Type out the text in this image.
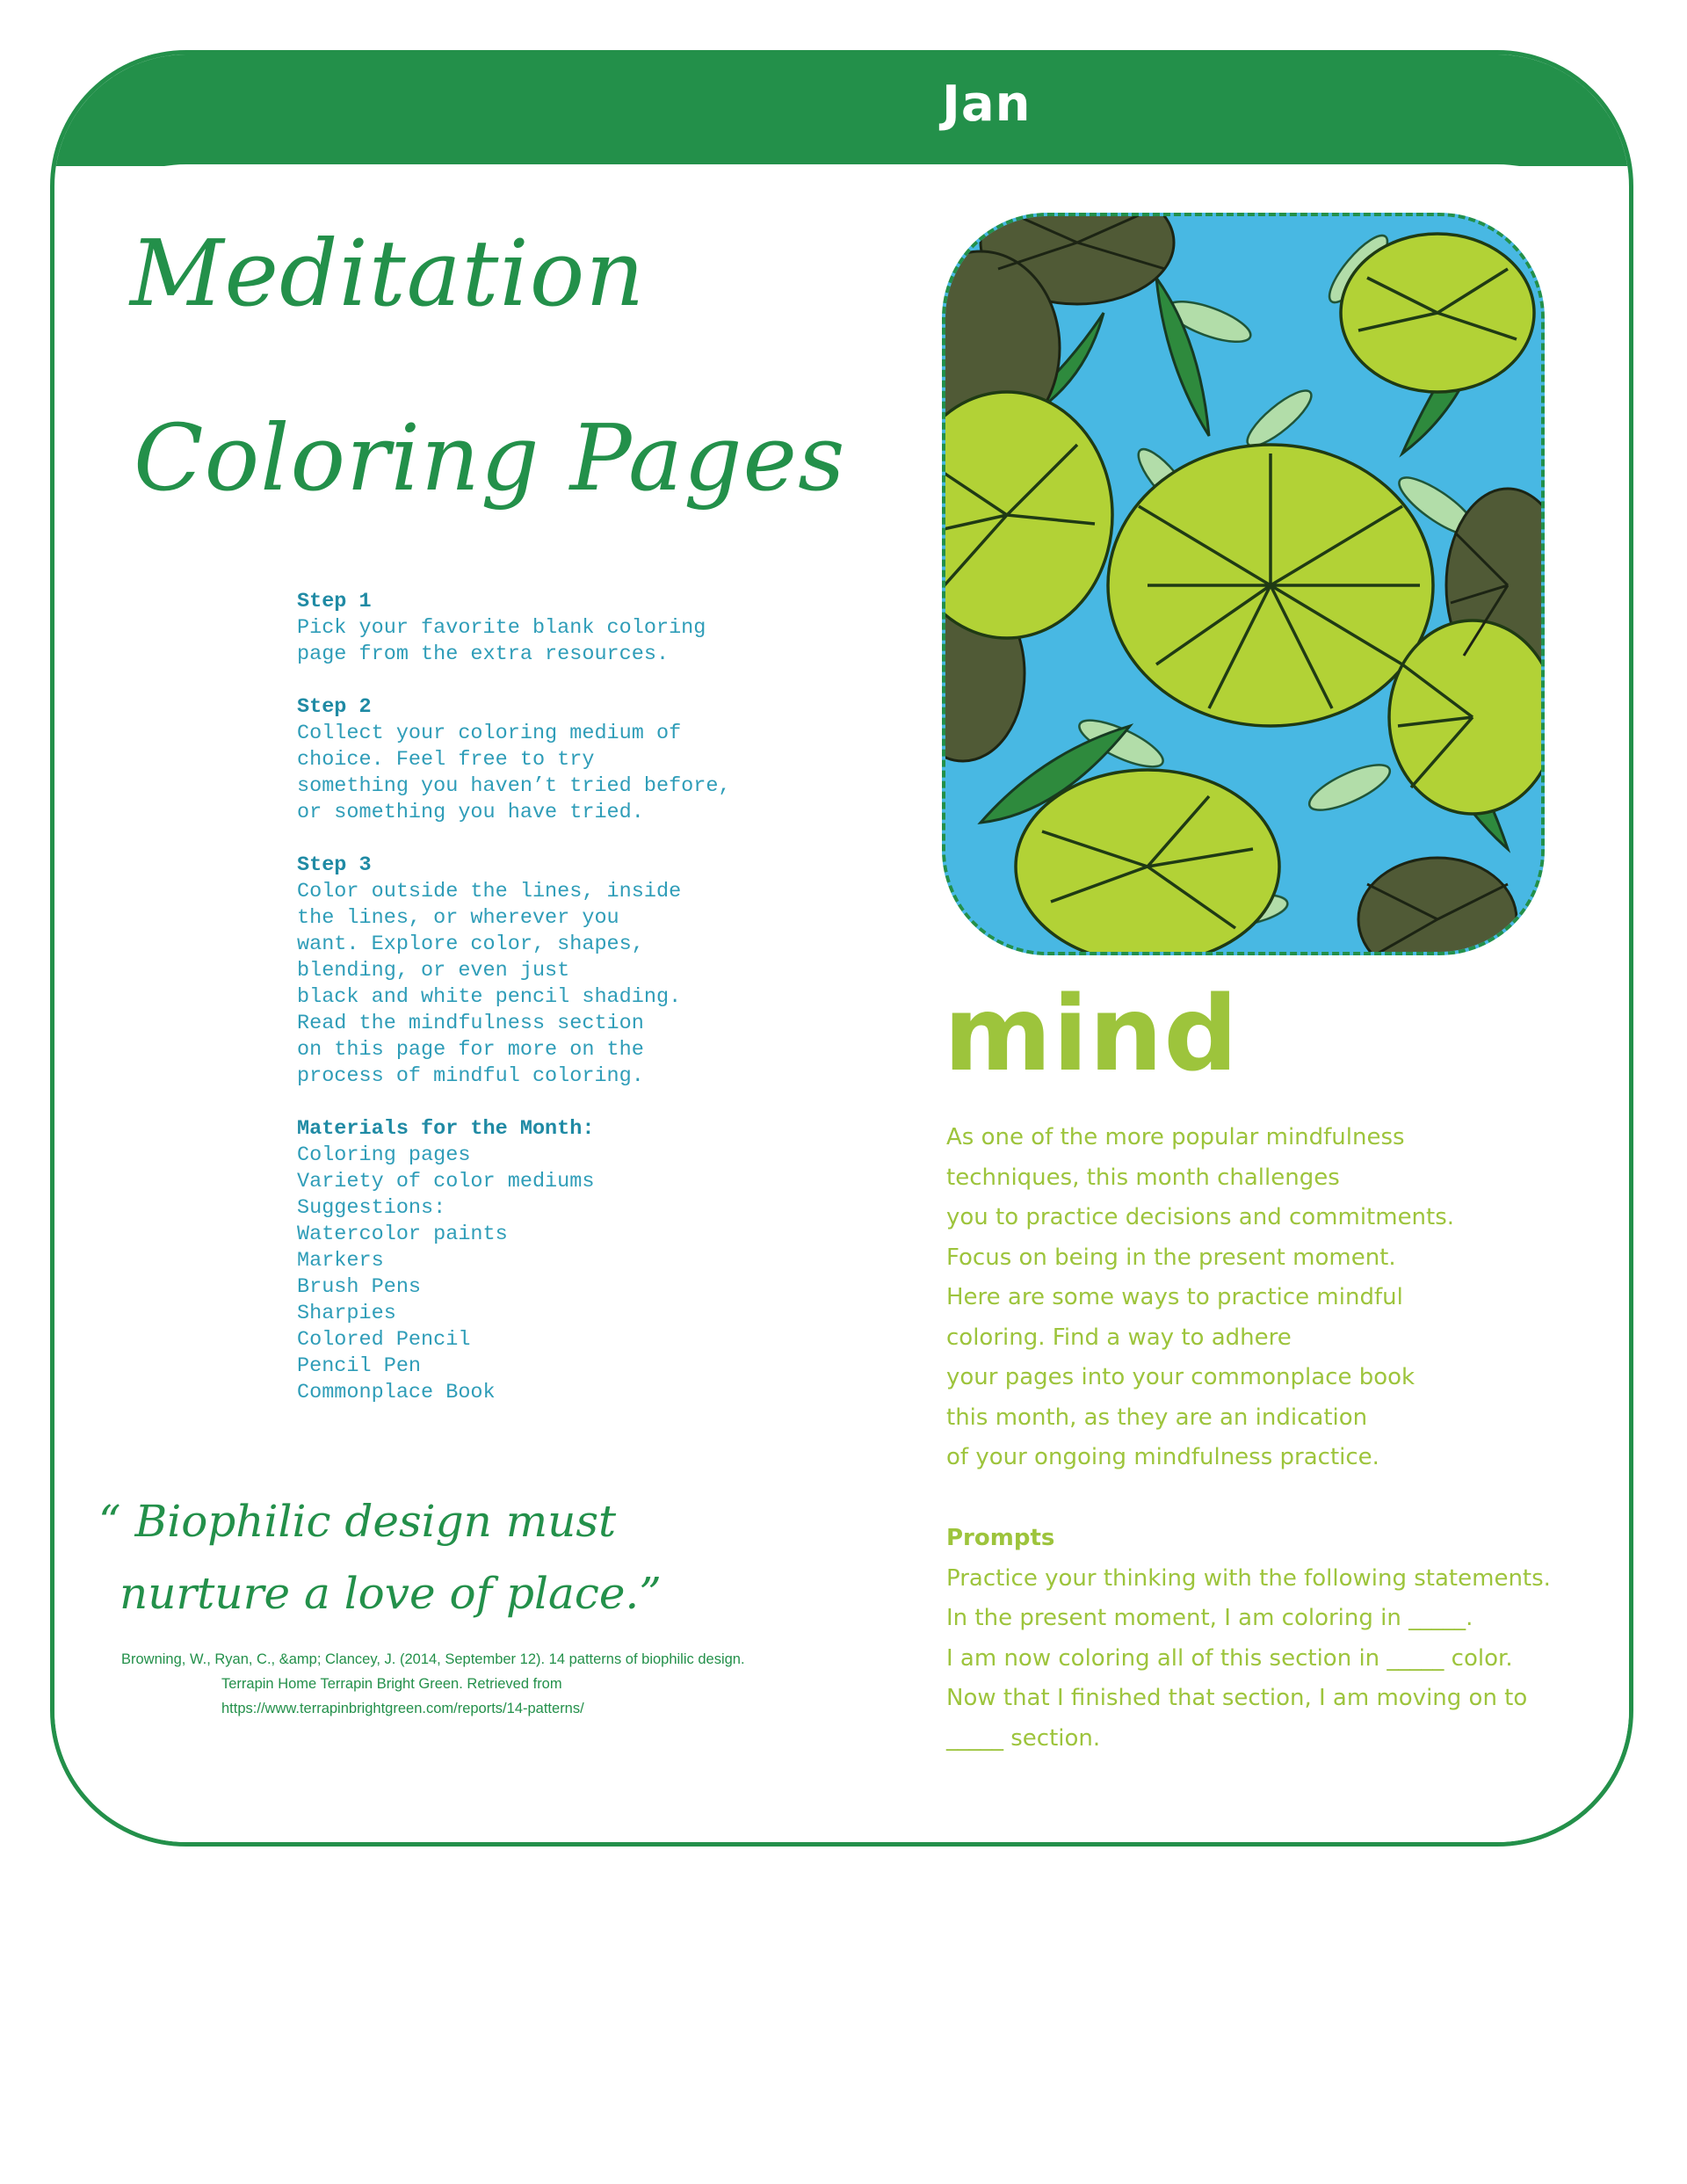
Jan
Meditation
Coloring Pages
Step 1
Pick your favorite blank coloring
page from the extra resources.
Step 2
Collect your coloring medium of
choice. Feel free to try
something you haven’t tried before,
or something you have tried.
Step 3
Color outside the lines, inside
the lines, or wherever you
want. Explore color, shapes,
blending, or even just
black and white pencil shading.
Read the mindfulness section
on this page for more on the
process of mindful coloring.
Materials for the Month:
Coloring pages
Variety of color mediums
Suggestions:
Watercolor paints
Markers
Brush Pens
Sharpies
Colored Pencil
Pencil Pen
Commonplace Book
“ Biophilic design must
nurture a love of place.”
Browning, W., Ryan, C., &amp; Clancey, J. (2014, September 12). 14 patterns of biophilic design.
Terrapin Home Terrapin Bright Green. Retrieved from
https://www.terrapinbrightgreen.com/reports/14-patterns/
mind
As one of the more popular mindfulness
techniques, this month challenges
you to practice decisions and commitments.
Focus on being in the present moment.
Here are some ways to practice mindful
coloring. Find a way to adhere
your pages into your commonplace book
this month, as they are an indication
of your ongoing mindfulness practice.
Prompts
Practice your thinking with the following statements.
In the present moment, I am coloring in _____.
I am now coloring all of this section in _____ color.
Now that I finished that section, I am moving on to
_____ section.
